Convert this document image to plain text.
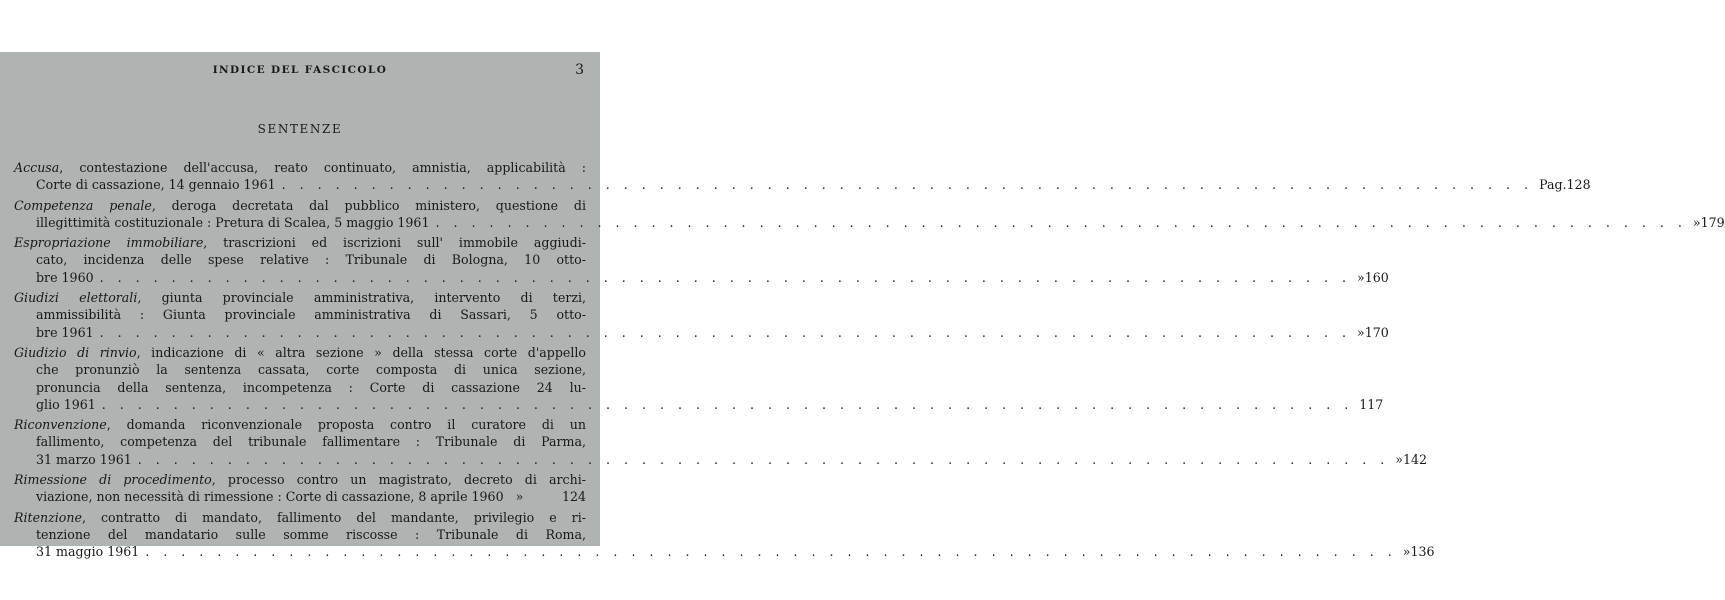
INDICE DEL FASCICOLO	3
SENTENZE
Accusa, contestazione dell'accusa, reato continuato, amnistia, applicabilità :
Corte di cassazione, 14 gennaio 1961 . . .	Pag. 128
Competenza penale, deroga decretata dal pubblico ministero, questione di
illegittimità costituzionale : Pretura di Scalea, 5 maggio 1961 . . .	» 179
Espropriazione immobiliare, trascrizioni ed iscrizioni sull' immobile aggiudi-
cato, incidenza delle spese relative : Tribunale di Bologna, 10 otto-
bre 1960 . . .	» 160
Giudizi elettorali, giunta provinciale amministrativa, intervento di terzi,
ammissibilità : Giunta provinciale amministrativa di Sassari, 5 otto-
bre 1961 . . .	» 170
Giudizio di rinvio, indicazione di « altra sezione » della stessa corte d'appello
che pronunziò la sentenza cassata, corte composta di unica sezione,
pronuncia della sentenza, incompetenza : Corte di cassazione 24 lu-
glio 1961 . . .	117
Riconvenzione, domanda riconvenzionale proposta contro il curatore di un
fallimento, competenza del tribunale fallimentare : Tribunale di Parma,
31 marzo 1961 . . .	» 142
Rimessione di procedimento, processo contro un magistrato, decreto di archi-
viazione, non necessità di rimessione : Corte di cassazione, 8 aprile 1960 »	124
Ritenzione, contratto di mandato, fallimento del mandante, privilegio e ri-
tenzione del mandatario sulle somme riscosse : Tribunale di Roma,
31 maggio 1961 . . .	» 136
